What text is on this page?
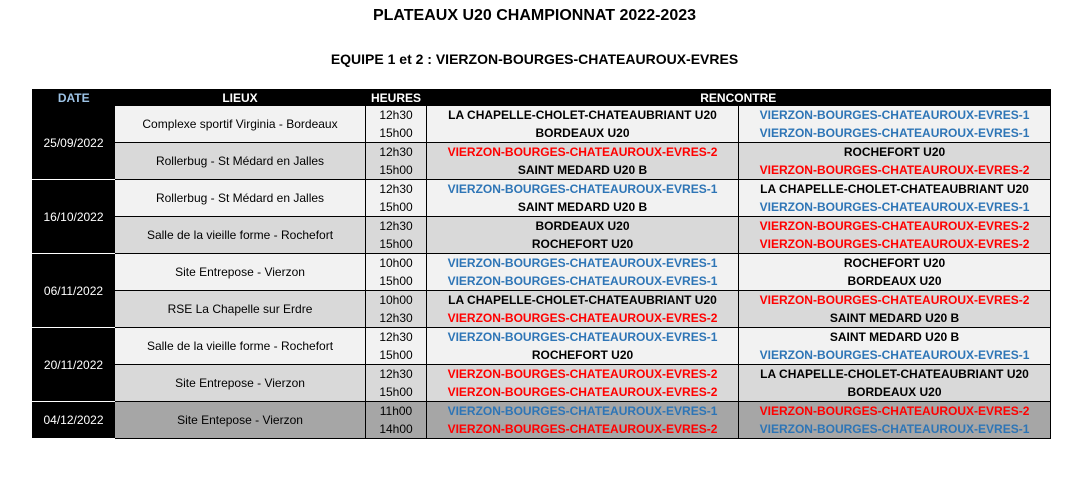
PLATEAUX U20 CHAMPIONNAT 2022-2023
EQUIPE 1 et 2 : VIERZON-BOURGES-CHATEAUROUX-EVRES
DATE	LIEUX	HEURES	RENCONTRE	
25/09/2022	Complexe sportif Virginia - Bordeaux	12h30	LA CHAPELLE-CHOLET-CHATEAUBRIANT U20	VIERZON-BOURGES-CHATEAUROUX-EVRES-1
		15h00	BORDEAUX U20	VIERZON-BOURGES-CHATEAUROUX-EVRES-1
	Rollerbug - St Médard en Jalles	12h30	VIERZON-BOURGES-CHATEAUROUX-EVRES-2	ROCHEFORT U20
		15h00	SAINT MEDARD U20 B	VIERZON-BOURGES-CHATEAUROUX-EVRES-2
16/10/2022	Rollerbug - St Médard en Jalles	12h30	VIERZON-BOURGES-CHATEAUROUX-EVRES-1	LA CHAPELLE-CHOLET-CHATEAUBRIANT U20
		15h00	SAINT MEDARD U20 B	VIERZON-BOURGES-CHATEAUROUX-EVRES-1
	Salle de la vieille forme - Rochefort	12h30	BORDEAUX U20	VIERZON-BOURGES-CHATEAUROUX-EVRES-2
		15h00	ROCHEFORT U20	VIERZON-BOURGES-CHATEAUROUX-EVRES-2
06/11/2022	Site Entrepose - Vierzon	10h00	VIERZON-BOURGES-CHATEAUROUX-EVRES-1	ROCHEFORT U20
		15h00	VIERZON-BOURGES-CHATEAUROUX-EVRES-1	BORDEAUX U20
	RSE La Chapelle sur Erdre	10h00	LA CHAPELLE-CHOLET-CHATEAUBRIANT U20	VIERZON-BOURGES-CHATEAUROUX-EVRES-2
		12h30	VIERZON-BOURGES-CHATEAUROUX-EVRES-2	SAINT MEDARD U20 B
20/11/2022	Salle de la vieille forme - Rochefort	12h30	VIERZON-BOURGES-CHATEAUROUX-EVRES-1	SAINT MEDARD U20 B
		15h00	ROCHEFORT U20	VIERZON-BOURGES-CHATEAUROUX-EVRES-1
	Site Entrepose - Vierzon	12h30	VIERZON-BOURGES-CHATEAUROUX-EVRES-2	LA CHAPELLE-CHOLET-CHATEAUBRIANT U20
		15h00	VIERZON-BOURGES-CHATEAUROUX-EVRES-2	BORDEAUX U20
04/12/2022	Site Entepose - Vierzon	11h00	VIERZON-BOURGES-CHATEAUROUX-EVRES-1	VIERZON-BOURGES-CHATEAUROUX-EVRES-2
		14h00	VIERZON-BOURGES-CHATEAUROUX-EVRES-2	VIERZON-BOURGES-CHATEAUROUX-EVRES-1
